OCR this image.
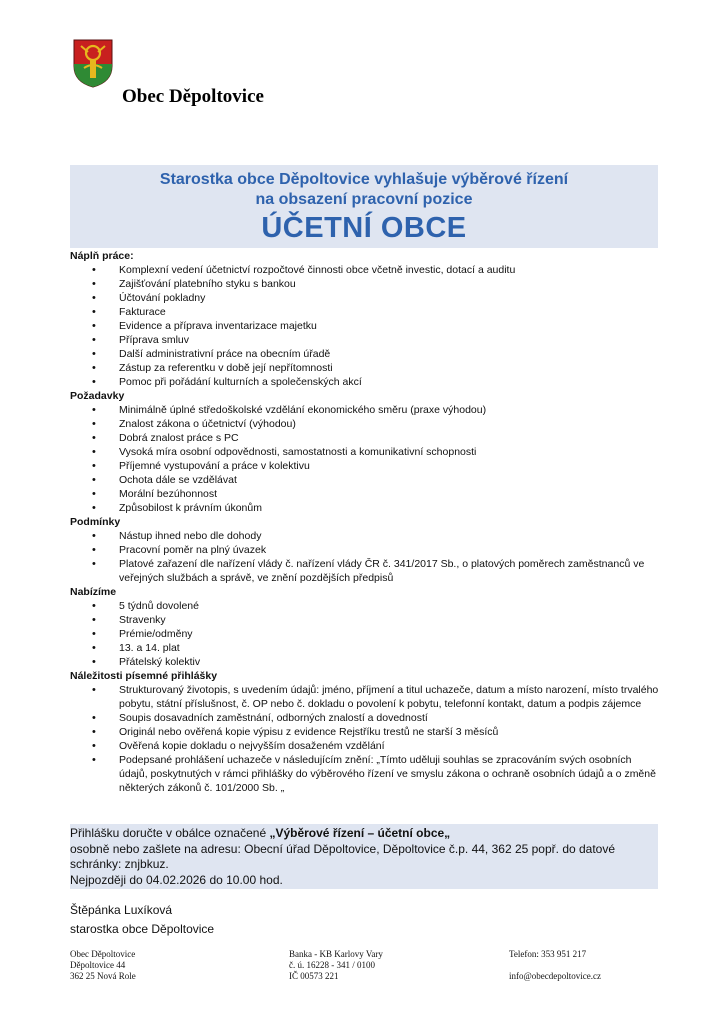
Obec Děpoltovice
Starostka obce Děpoltovice vyhlašuje výběrové řízení
na obsazení pracovní pozice
ÚČETNÍ OBCE
Náplň práce:
• Komplexní vedení účetnictví rozpočtové činnosti obce včetně investic, dotací a auditu
• Zajišťování platebního styku s bankou
• Účtování pokladny
• Fakturace
• Evidence a příprava inventarizace majetku
• Příprava smluv
• Další administrativní práce na obecním úřadě
• Zástup za referentku v době její nepřítomnosti
• Pomoc při pořádání kulturních a společenských akcí
Požadavky
• Minimálně úplné středoškolské vzdělání ekonomického směru (praxe výhodou)
• Znalost zákona o účetnictví (výhodou)
• Dobrá znalost práce s PC
• Vysoká míra osobní odpovědnosti, samostatnosti a komunikativní schopnosti
• Příjemné vystupování a práce v kolektivu
• Ochota dále se vzdělávat
• Morální bezúhonnost
• Způsobilost k právním úkonům
Podmínky
• Nástup ihned nebo dle dohody
• Pracovní poměr na plný úvazek
• Platové zařazení dle nařízení vlády č. nařízení vlády ČR č. 341/2017 Sb., o platových poměrech zaměstnanců ve veřejných službách a správě, ve znění pozdějších předpisů
Nabízíme
• 5 týdnů dovolené
• Stravenky
• Prémie/odměny
• 13. a 14. plat
• Přátelský kolektiv
Náležitosti písemné přihlášky
• Strukturovaný životopis, s uvedením údajů: jméno, příjmení a titul uchazeče, datum a místo narození, místo trvalého pobytu, státní příslušnost, č. OP nebo č. dokladu o povolení k pobytu, telefonní kontakt, datum a podpis zájemce
• Soupis dosavadních zaměstnání, odborných znalostí a dovedností
• Originál nebo ověřená kopie výpisu z evidence Rejstříku trestů ne starší 3 měsíců
• Ověřená kopie dokladu o nejvyšším dosaženém vzdělání
• Podepsané prohlášení uchazeče v následujícím znění: „Tímto uděluji souhlas se zpracováním svých osobních údajů, poskytnutých v rámci přihlášky do výběrového řízení ve smyslu zákona o ochraně osobních údajů a o změně některých zákonů č. 101/2000 Sb. „
Přihlášku doručte v obálce označené „Výběrové řízení – účetní obce„
osobně nebo zašlete na adresu: Obecní úřad Děpoltovice, Děpoltovice č.p. 44, 362 25 popř. do datové schránky: znjbkuz.
Nejpozději do 04.02.2026 do 10.00 hod.
Štěpánka Luxíková
starostka obce Děpoltovice
Obec Děpoltovice
Děpoltovice 44
362 25 Nová Role
Banka - KB Karlovy Vary
č. ú. 16228 - 341 / 0100
IČ 00573 221
Telefon: 353 951 217

info@obecdepoltovice.cz
